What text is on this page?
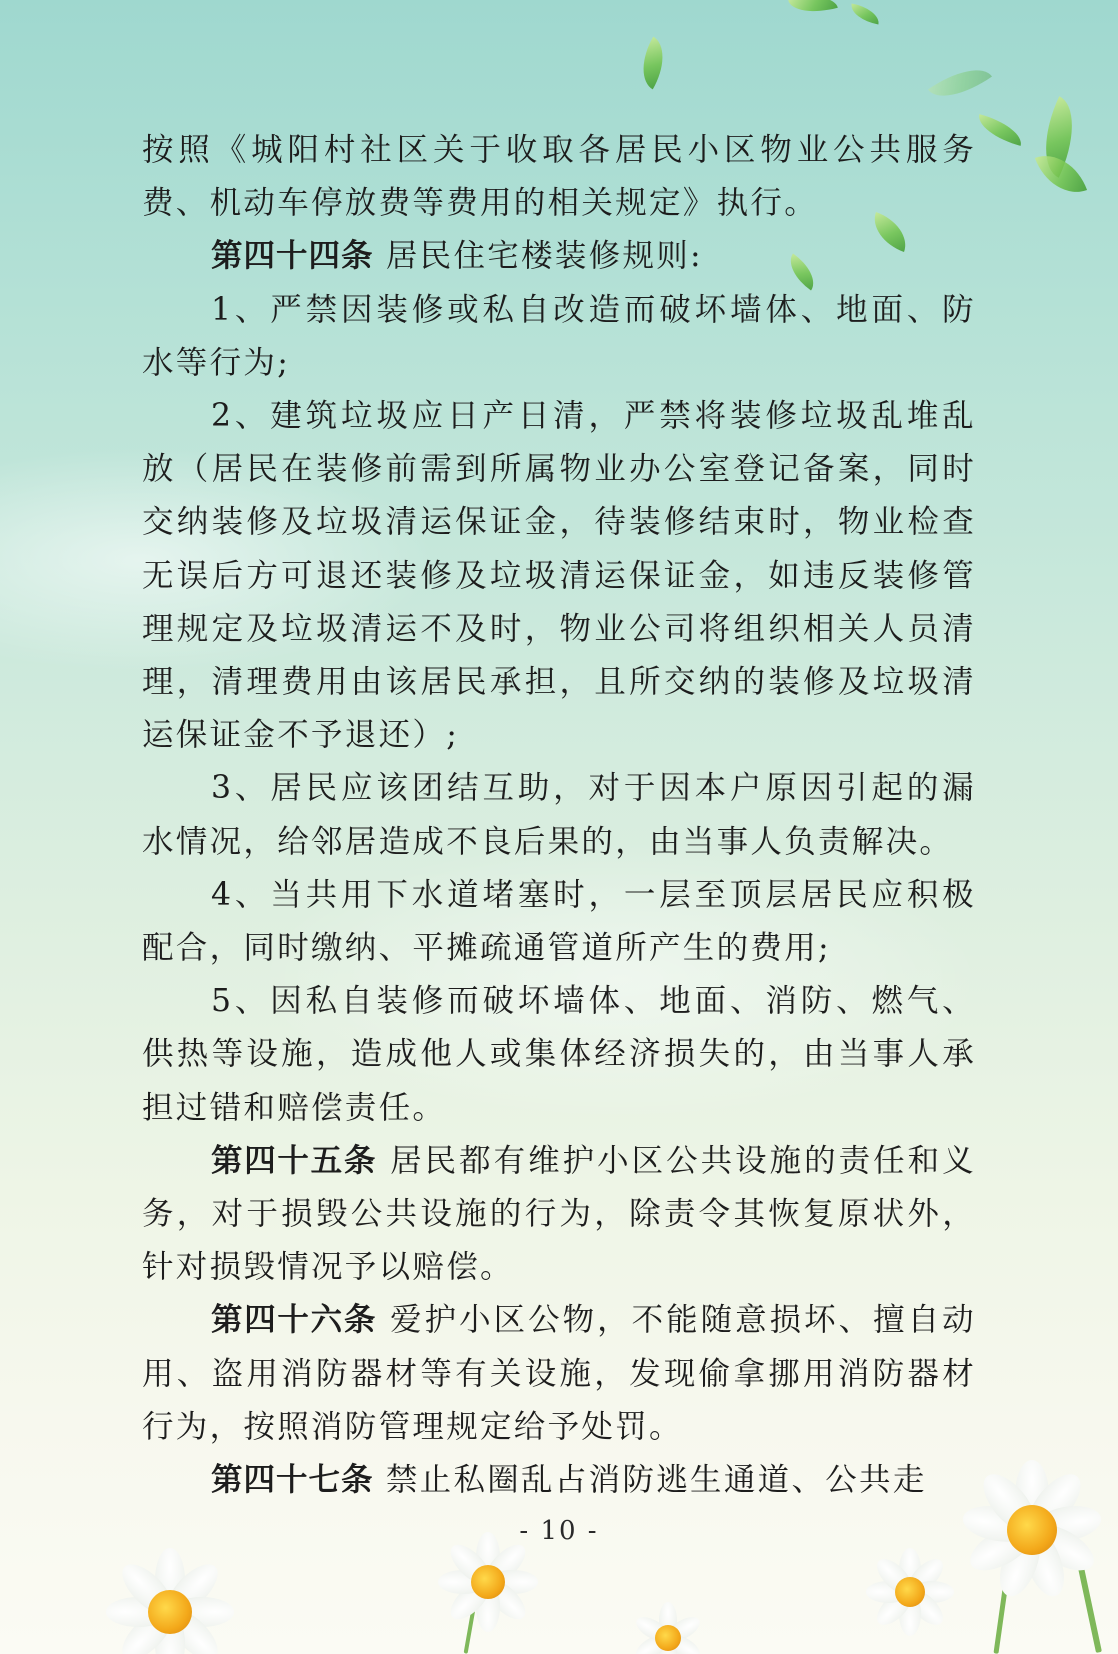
按照《城阳村社区关于收取各居民小区物业公共服务费、机动车停放费等费用的相关规定》执行。

第四十四条 居民住宅楼装修规则:

1、严禁因装修或私自改造而破坏墙体、地面、防水等行为;

2、建筑垃圾应日产日清，严禁将装修垃圾乱堆乱放（居民在装修前需到所属物业办公室登记备案，同时交纳装修及垃圾清运保证金，待装修结束时，物业检查无误后方可退还装修及垃圾清运保证金，如违反装修管理规定及垃圾清运不及时，物业公司将组织相关人员清理，清理费用由该居民承担，且所交纳的装修及垃圾清运保证金不予退还）;

3、居民应该团结互助，对于因本户原因引起的漏水情况，给邻居造成不良后果的，由当事人负责解决。

4、当共用下水道堵塞时，一层至顶层居民应积极配合，同时缴纳、平摊疏通管道所产生的费用;

5、因私自装修而破坏墙体、地面、消防、燃气、供热等设施，造成他人或集体经济损失的，由当事人承担过错和赔偿责任。

第四十五条 居民都有维护小区公共设施的责任和义务，对于损毁公共设施的行为，除责令其恢复原状外，针对损毁情况予以赔偿。

第四十六条 爱护小区公物，不能随意损坏、擅自动用、盗用消防器材等有关设施，发现偷拿挪用消防器材行为，按照消防管理规定给予处罚。

第四十七条 禁止私圈乱占消防逃生通道、公共走

- 10 -
